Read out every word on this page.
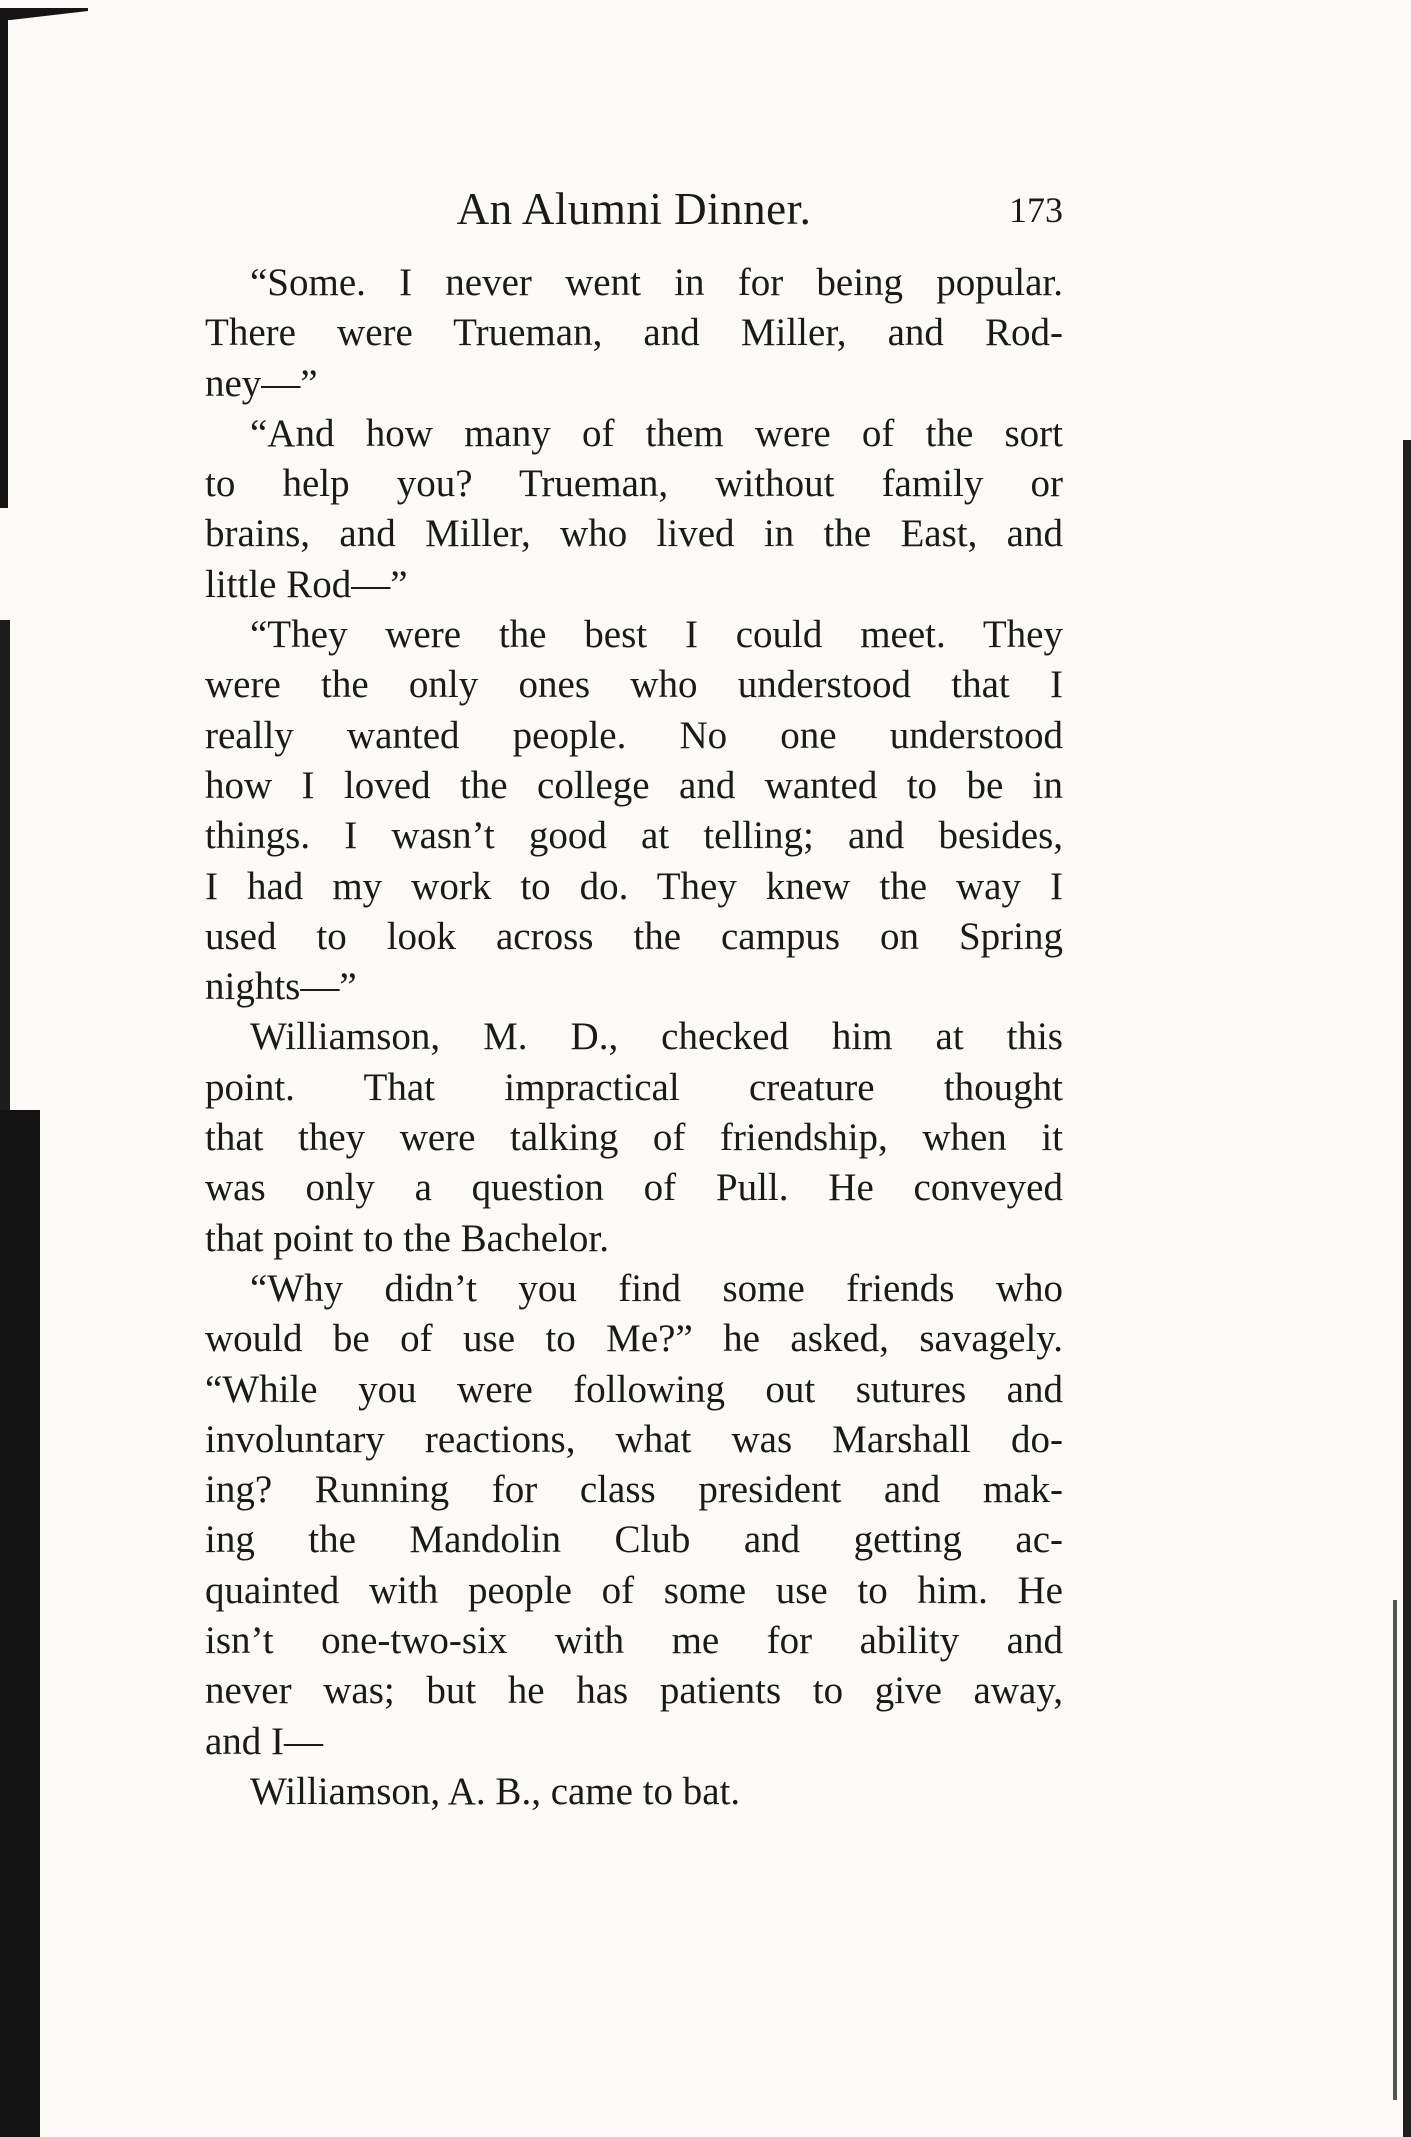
An Alumni Dinner.	173
“Some. I never went in for being popular.
There were Trueman, and Miller, and Rod-
ney—”
“And how many of them were of the sort
to help you? Trueman, without family or
brains, and Miller, who lived in the East, and
little Rod—”
“They were the best I could meet. They
were the only ones who understood that I
really wanted people. No one understood
how I loved the college and wanted to be in
things. I wasn’t good at telling; and besides,
I had my work to do. They knew the way I
used to look across the campus on Spring
nights—”
Williamson, M. D., checked him at this
point. That impractical creature thought
that they were talking of friendship, when it
was only a question of Pull. He conveyed
that point to the Bachelor.
“Why didn’t you find some friends who
would be of use to Me?” he asked, savagely.
“While you were following out sutures and
involuntary reactions, what was Marshall do-
ing? Running for class president and mak-
ing the Mandolin Club and getting ac-
quainted with people of some use to him. He
isn’t one-two-six with me for ability and
never was; but he has patients to give away,
and I—
Williamson, A. B., came to bat.
